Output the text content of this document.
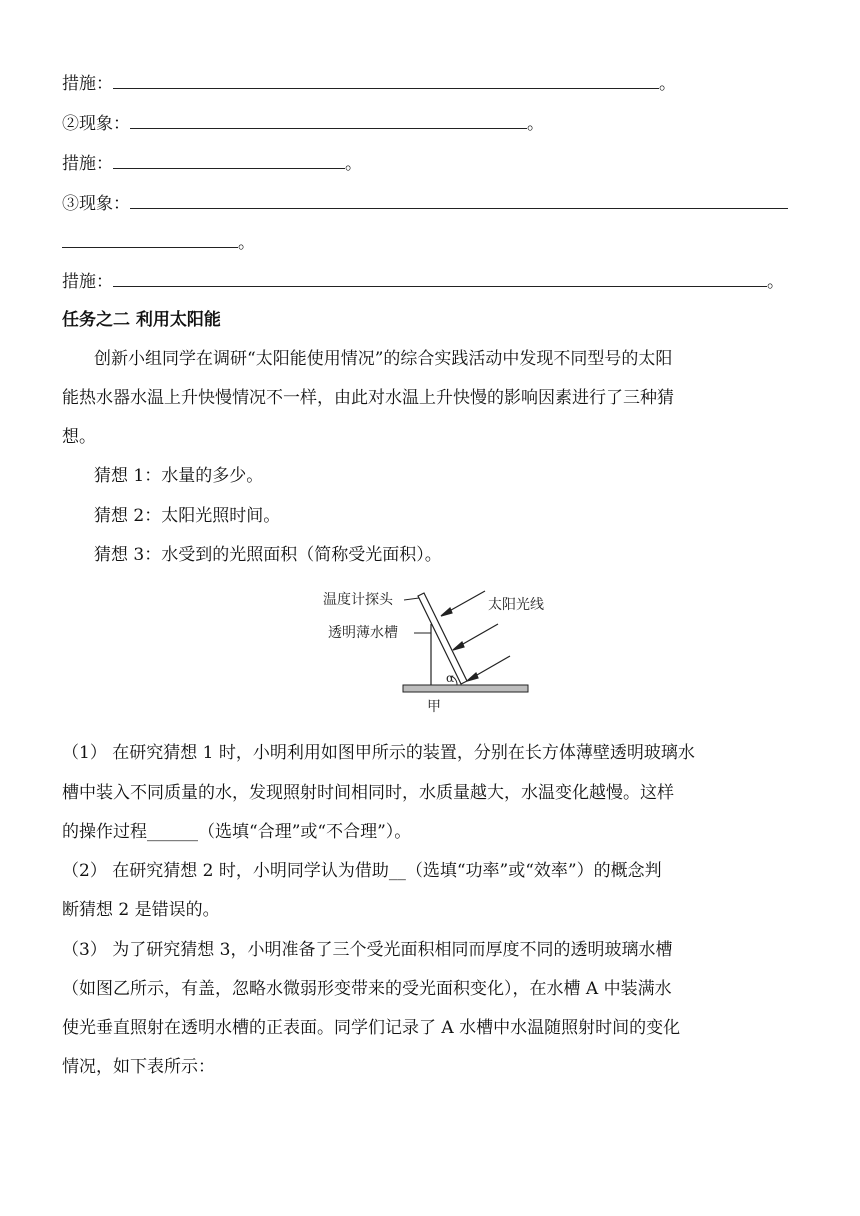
措施：	。
②现象：	。
措施：	。
③现象：
。
措施：	。
任务之二 利用太阳能
创新小组同学在调研“太阳能使用情况”的综合实践活动中发现不同型号的太阳
能热水器水温上升快慢情况不一样，由此对水温上升快慢的影响因素进行了三种猜
想。
猜想 1：水量的多少。
猜想 2：太阳光照时间。
猜想 3：水受到的光照面积（简称受光面积）。
温度计探头
透明薄水槽
太阳光线
α
甲
（1） 在研究猜想 1 时，小明利用如图甲所示的装置，分别在长方体薄壁透明玻璃水
槽中装入不同质量的水，发现照射时间相同时，水质量越大，水温变化越慢。这样
的操作过程______（选填“合理”或“不合理”）。
（2） 在研究猜想 2 时，小明同学认为借助__（选填“功率”或“效率”）的概念判
断猜想 2 是错误的。
（3） 为了研究猜想 3，小明准备了三个受光面积相同而厚度不同的透明玻璃水槽
（如图乙所示，有盖，忽略水微弱形变带来的受光面积变化），在水槽 A 中装满水
使光垂直照射在透明水槽的正表面。同学们记录了 A 水槽中水温随照射时间的变化
情况，如下表所示：
